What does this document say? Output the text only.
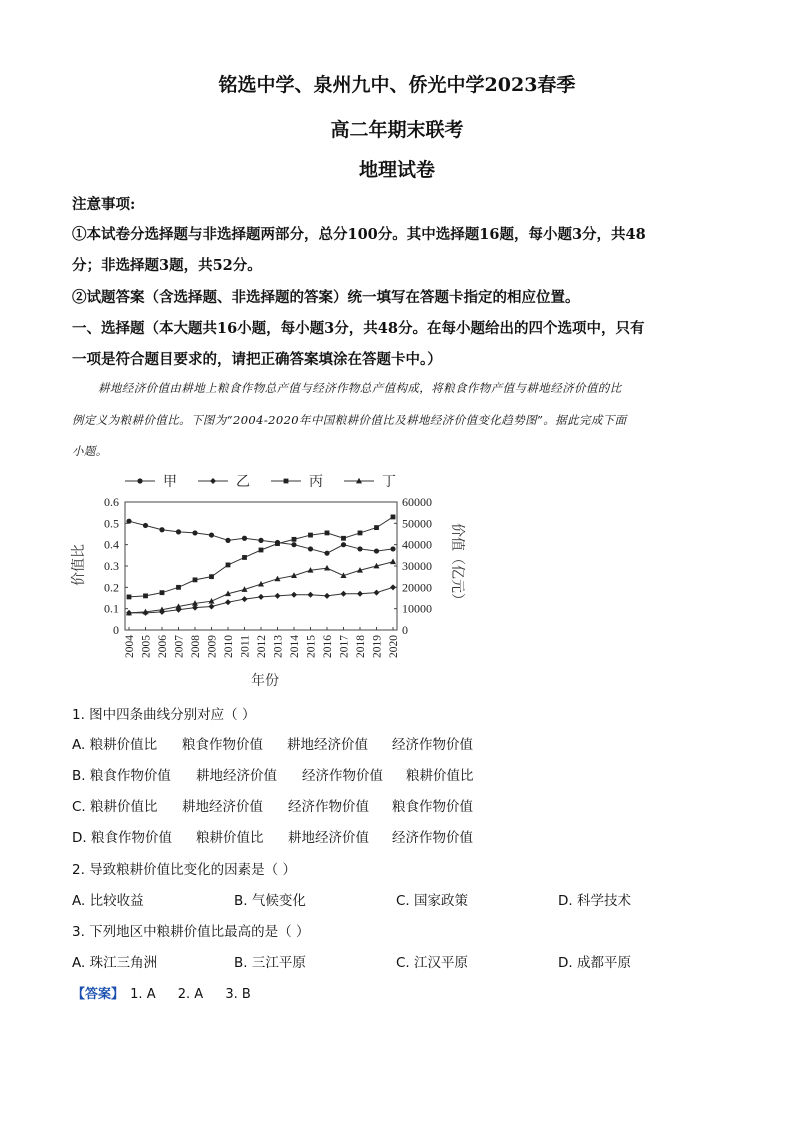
铭选中学、泉州九中、侨光中学2023春季
高二年期末联考
地理试卷
注意事项:
①本试卷分选择题与非选择题两部分，总分100分。其中选择题16题，每小题3分，共48
分；非选择题3题，共52分。
②试题答案（含选择题、非选择题的答案）统一填写在答题卡指定的相应位置。
一、选择题（本大题共16小题，每小题3分，共48分。在每小题给出的四个选项中，只有
一项是符合题目要求的，请把正确答案填涂在答题卡中。）
耕地经济价值由耕地上粮食作物总产值与经济作物总产值构成，将粮食作物产值与耕地经济价值的比
例定义为粮耕价值比。下图为“2004-2020年中国粮耕价值比及耕地经济价值变化趋势图”。据此完成下面
小题。
甲	乙	丙	丁
0
0.1
0.2
0.3
0.4
0.5
0.6
0
10000
20000
30000
40000
50000
60000
2004 2005 2006 2007 2008 2009 2010 2011 2012 2013 2014 2015 2016 2017 2018 2019 2020
年份
价值比	价值（亿元）
1. 图中四条曲线分别对应（ ）
A. 粮耕价值比 粮食作物价值 耕地经济价值 经济作物价值
B. 粮食作物价值 耕地经济价值 经济作物价值 粮耕价值比
C. 粮耕价值比 耕地经济价值 经济作物价值 粮食作物价值
D. 粮食作物价值 粮耕价值比 耕地经济价值 经济作物价值
2. 导致粮耕价值比变化的因素是（ ）
A. 比较收益	B. 气候变化	C. 国家政策	D. 科学技术
3. 下列地区中粮耕价值比最高的是（ ）
A. 珠江三角洲	B. 三江平原	C. 江汉平原	D. 成都平原
【答案】 1. A 2. A 3. B
